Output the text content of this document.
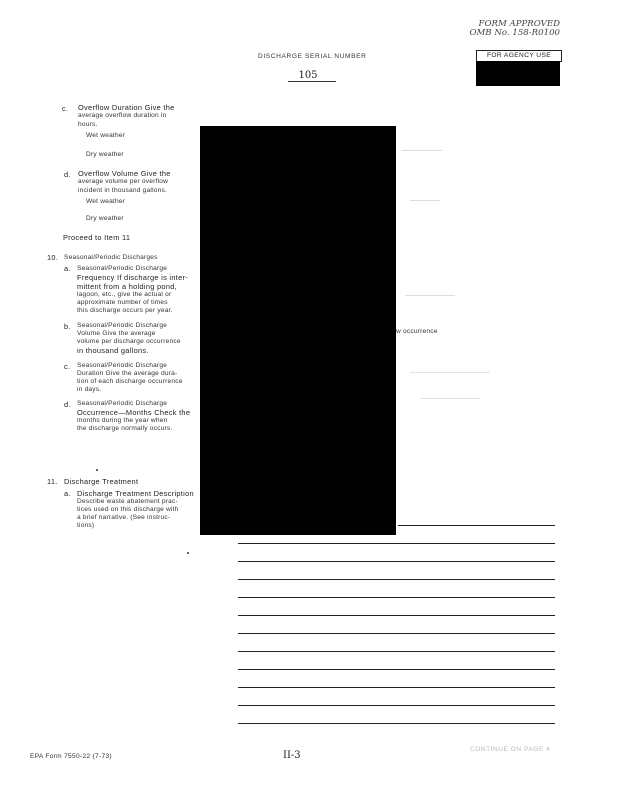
FORM APPROVED
OMB No. 158-R0100
DISCHARGE SERIAL NUMBER
105
FOR AGENCY USE
c. Overflow Duration Give the
average overflow duration in
hours.
Wet weather
Dry weather
d. Overflow Volume Give the
average volume per overflow
incident in thousand gallons.
Wet weather
Dry weather
Proceed to Item 11
10. Seasonal/Periodic Discharges
a. Seasonal/Periodic Discharge
Frequency If discharge is inter-
mittent from a holding pond,
lagoon, etc., give the actual or
approximate number of times
this discharge occurs per year.
b. Seasonal/Periodic Discharge
Volume Give the average
volume per discharge occurrence
in thousand gallons.
w occurrence
c. Seasonal/Periodic Discharge
Duration Give the average dura-
tion of each discharge occurrence
in days.
d. Seasonal/Periodic Discharge
Occurrence—Months Check the
months during the year when
the discharge normally occurs.
11. Discharge Treatment
a. Discharge Treatment Description
Describe waste abatement prac-
tices used on this discharge with
a brief narrative. (See instruc-
tions)
EPA Form 7550-22 (7-73)	II-3
CONTINUE ON PAGE 4
